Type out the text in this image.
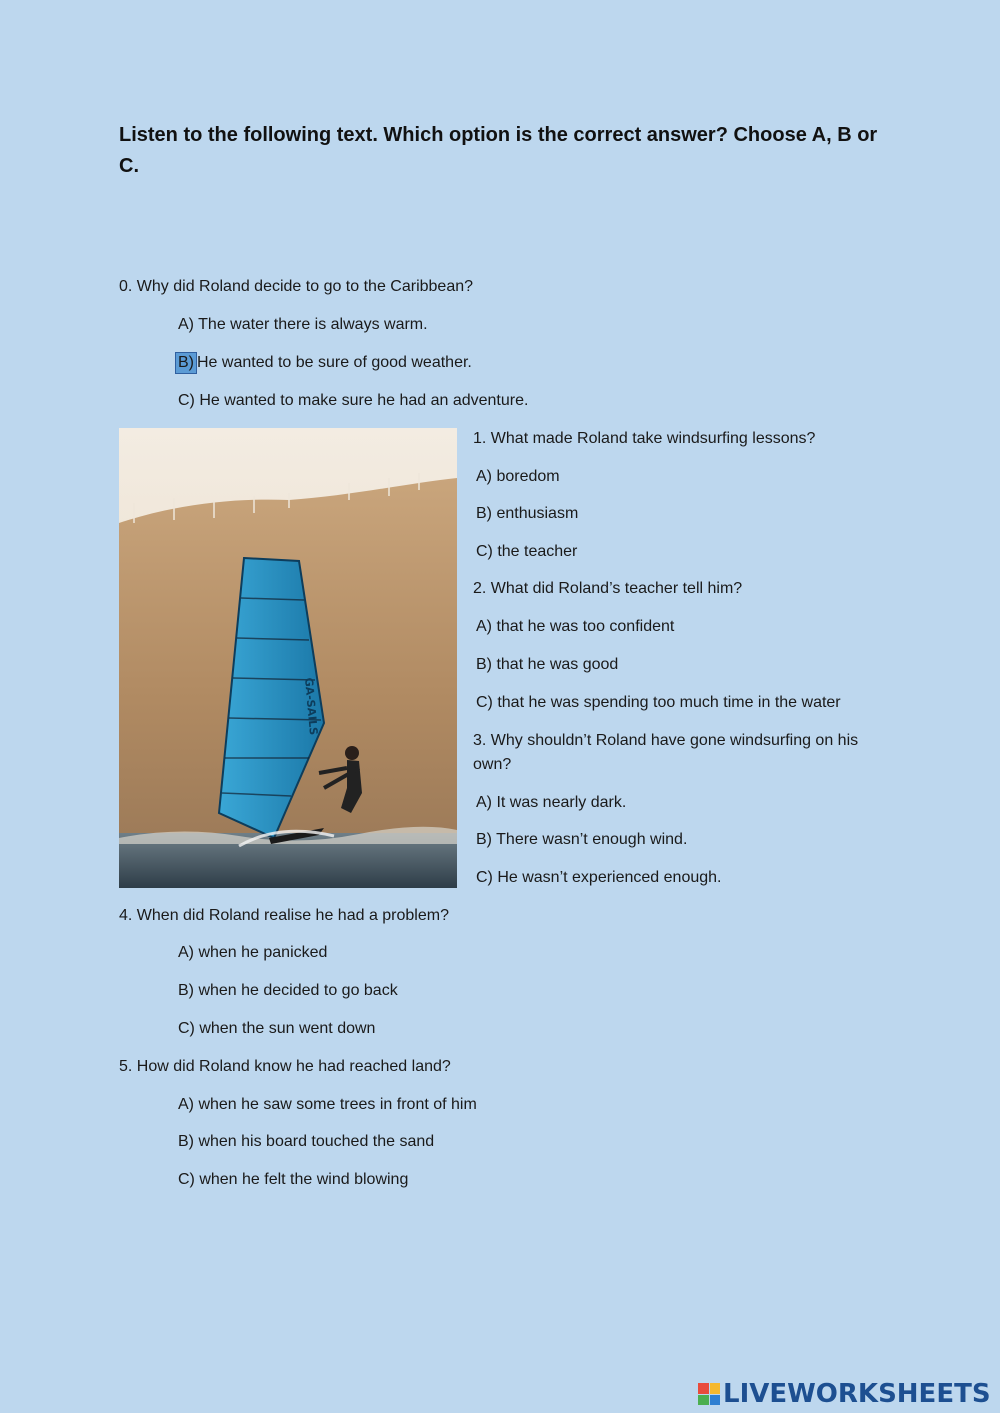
Listen to the following text. Which option is the correct answer? Choose A, B or C.
0. Why did Roland decide to go to the Caribbean?
A) The water there is always warm.
B) He wanted to be sure of good weather.
C) He wanted to make sure he had an adventure.
GA-SAILS
1. What made Roland take windsurfing lessons?
A) boredom
B) enthusiasm
C) the teacher
2. What did Roland’s teacher tell him?
A) that he was too confident
B) that he was good
C) that he was spending too much time in the water
3. Why shouldn’t Roland have gone windsurfing on his own?
A) It was nearly dark.
B) There wasn’t enough wind.
C) He wasn’t experienced enough.
4. When did Roland realise he had a problem?
A) when he panicked
B) when he decided to go back
C) when the sun went down
5. How did Roland know he had reached land?
A) when he saw some trees in front of him
B) when his board touched the sand
C) when he felt the wind blowing
LIVEWORKSHEETS
